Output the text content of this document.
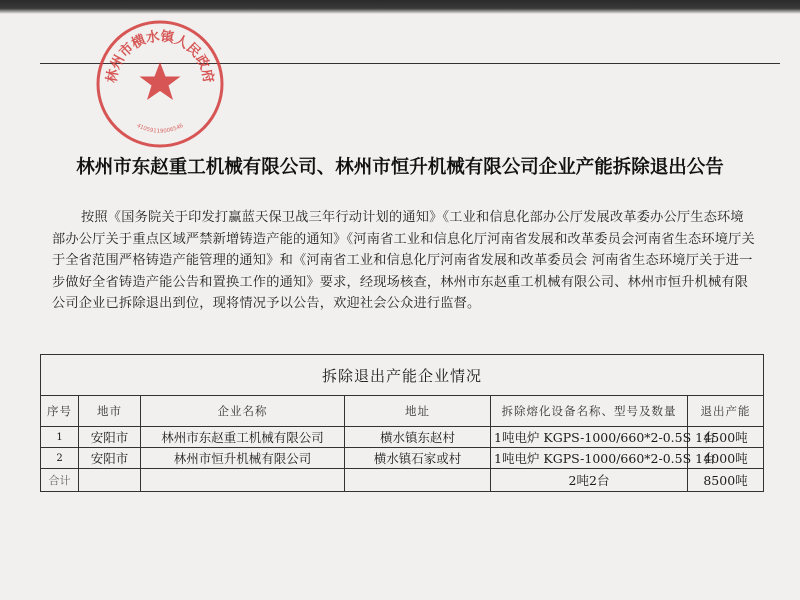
林州市横水镇人民政府
41059119006546
林州市东赵重工机械有限公司、林州市恒升机械有限公司企业产能拆除退出公告
按照《国务院关于印发打赢蓝天保卫战三年行动计划的通知》《工业和信息化部办公厅发展改革委办公厅生态环境部办公厅关于重点区域严禁新增铸造产能的通知》《河南省工业和信息化厅河南省发展和改革委员会河南省生态环境厅关于全省范围严格铸造产能管理的通知》和《河南省工业和信息化厅河南省发展和改革委员会 河南省生态环境厅关于进一步做好全省铸造产能公告和置换工作的通知》要求，经现场核查，林州市东赵重工机械有限公司、林州市恒升机械有限公司企业已拆除退出到位，现将情况予以公告，欢迎社会公众进行监督。
拆除退出产能企业情况					
序号	地市	企业名称	地址	拆除熔化设备名称、型号及数量	退出产能
1	安阳市	林州市东赵重工机械有限公司	横水镇东赵村	1吨电炉 KGPS-1000/660*2-0.5S 1台	4500吨
2	安阳市	林州市恒升机械有限公司	横水镇石家或村	1吨电炉 KGPS-1000/660*2-0.5S 1台	4000吨
合计				2吨2台	8500吨
